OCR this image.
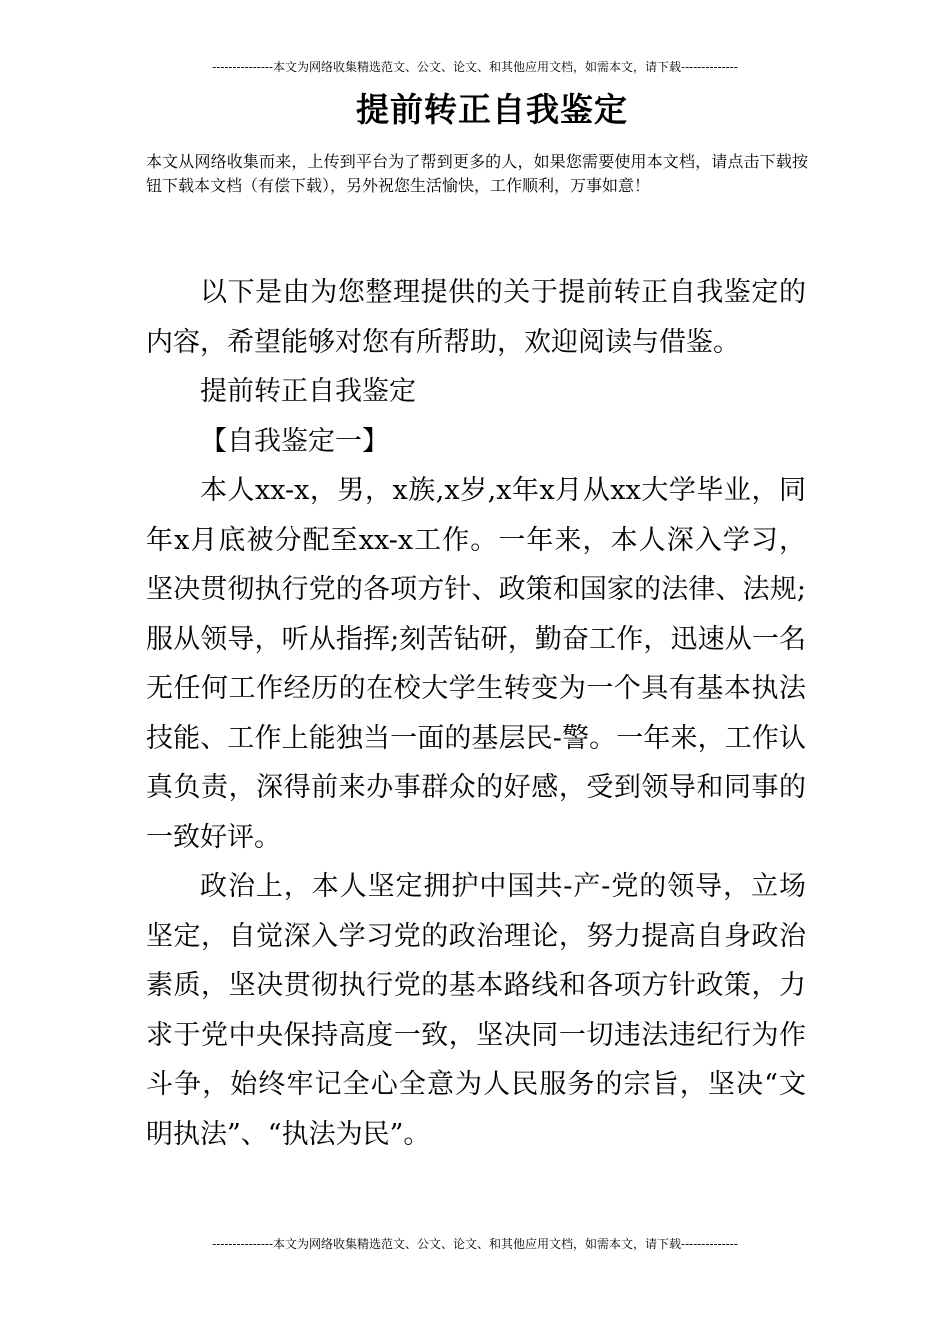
---------------本文为网络收集精选范文、公文、论文、和其他应用文档，如需本文，请下载--------------
提前转正自我鉴定
本文从网络收集而来，上传到平台为了帮到更多的人，如果您需要使用本文档，请点击下载按钮下载本文档（有偿下载），另外祝您生活愉快，工作顺利，万事如意！

以下是由为您整理提供的关于提前转正自我鉴定的内容，希望能够对您有所帮助，欢迎阅读与借鉴。

提前转正自我鉴定

【自我鉴定一】

本人xx-x，男，x族,x岁,x年x月从xx大学毕业，同年x月底被分配至xx-x工作。一年来，本人深入学习，坚决贯彻执行党的各项方针、政策和国家的法律、法规;服从领导，听从指挥;刻苦钻研，勤奋工作，迅速从一名无任何工作经历的在校大学生转变为一个具有基本执法技能、工作上能独当一面的基层民-警。一年来，工作认真负责，深得前来办事群众的好感，受到领导和同事的一致好评。

政治上，本人坚定拥护中国共-产-党的领导，立场坚定，自觉深入学习党的政治理论，努力提高自身政治素质，坚决贯彻执行党的基本路线和各项方针政策，力求于党中央保持高度一致，坚决同一切违法违纪行为作斗争，始终牢记全心全意为人民服务的宗旨，坚决“文明执法”、“执法为民”。

---------------本文为网络收集精选范文、公文、论文、和其他应用文档，如需本文，请下载--------------
